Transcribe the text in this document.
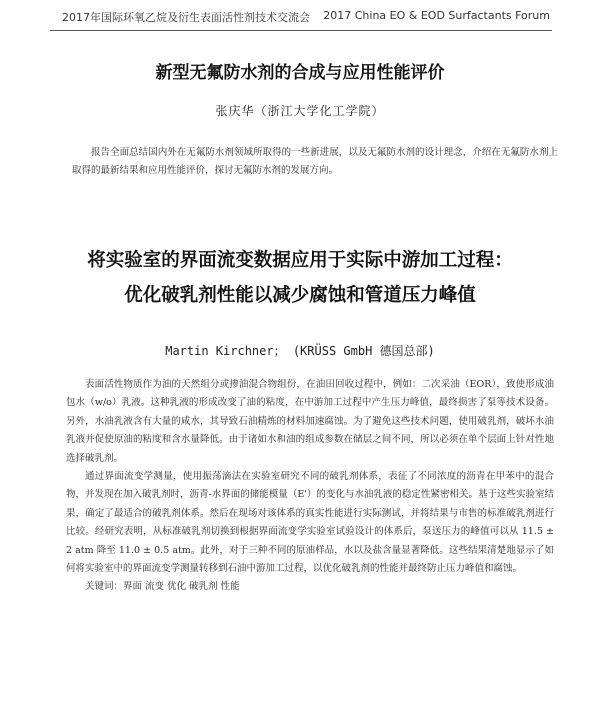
2017年国际环氧乙烷及衍生表面活性剂技术交流会 2017 China EO & EOD Surfactants Forum
新型无氟防水剂的合成与应用性能评价
张庆华（浙江大学化工学院）
报告全面总结国内外在无氟防水剂领域所取得的一些新进展，以及无氟防水剂的设计理念，介绍在无氟防水剂上取得的最新结果和应用性能评价，探讨无氟防水剂的发展方向。
将实验室的界面流变数据应用于实际中游加工过程：
优化破乳剂性能以减少腐蚀和管道压力峰值
Martin Kirchner； (KRÜSS GmbH 德国总部)

表面活性物质作为油的天然组分或掺油混合物组份，在油田回收过程中，例如：二次采油（EOR），致使形成油包水（w/o）乳液。这种乳液的形成改变了油的粘度，在中游加工过程中产生压力峰值，最终损害了泵等技术设备。另外，水油乳液含有大量的咸水，其导致石油精炼的材料加速腐蚀。为了避免这些技术问题，使用破乳剂，破坏水油乳液并促使原油的粘度和含水量降低。由于诸如水和油的组成参数在储层之间不同，所以必须在单个层面上针对性地选择破乳剂。

通过界面流变学测量，使用振荡滴法在实验室研究不同的破乳剂体系，表征了不同浓度的沥青在甲苯中的混合物，并发现在加入破乳剂时，沥青-水界面的储能模量（E'）的变化与水油乳液的稳定性紧密相关。基于这些实验室结果，确定了最适合的破乳剂体系。然后在现场对该体系的真实性能进行实际测试，并将结果与市售的标准破乳剂进行比较。经研究表明，从标准破乳剂切换到根据界面流变学实验室试验设计的体系后，泵送压力的峰值可以从 11.5 ± 2 atm 降至 11.0 ± 0.5 atm。此外，对于三种不同的原油样品，水以及盐含量显著降低。这些结果清楚地显示了如何将实验室中的界面流变学测量转移到石油中游加工过程，以优化破乳剂的性能并最终防止压力峰值和腐蚀。

关键词：界面 流变 优化 破乳剂 性能
